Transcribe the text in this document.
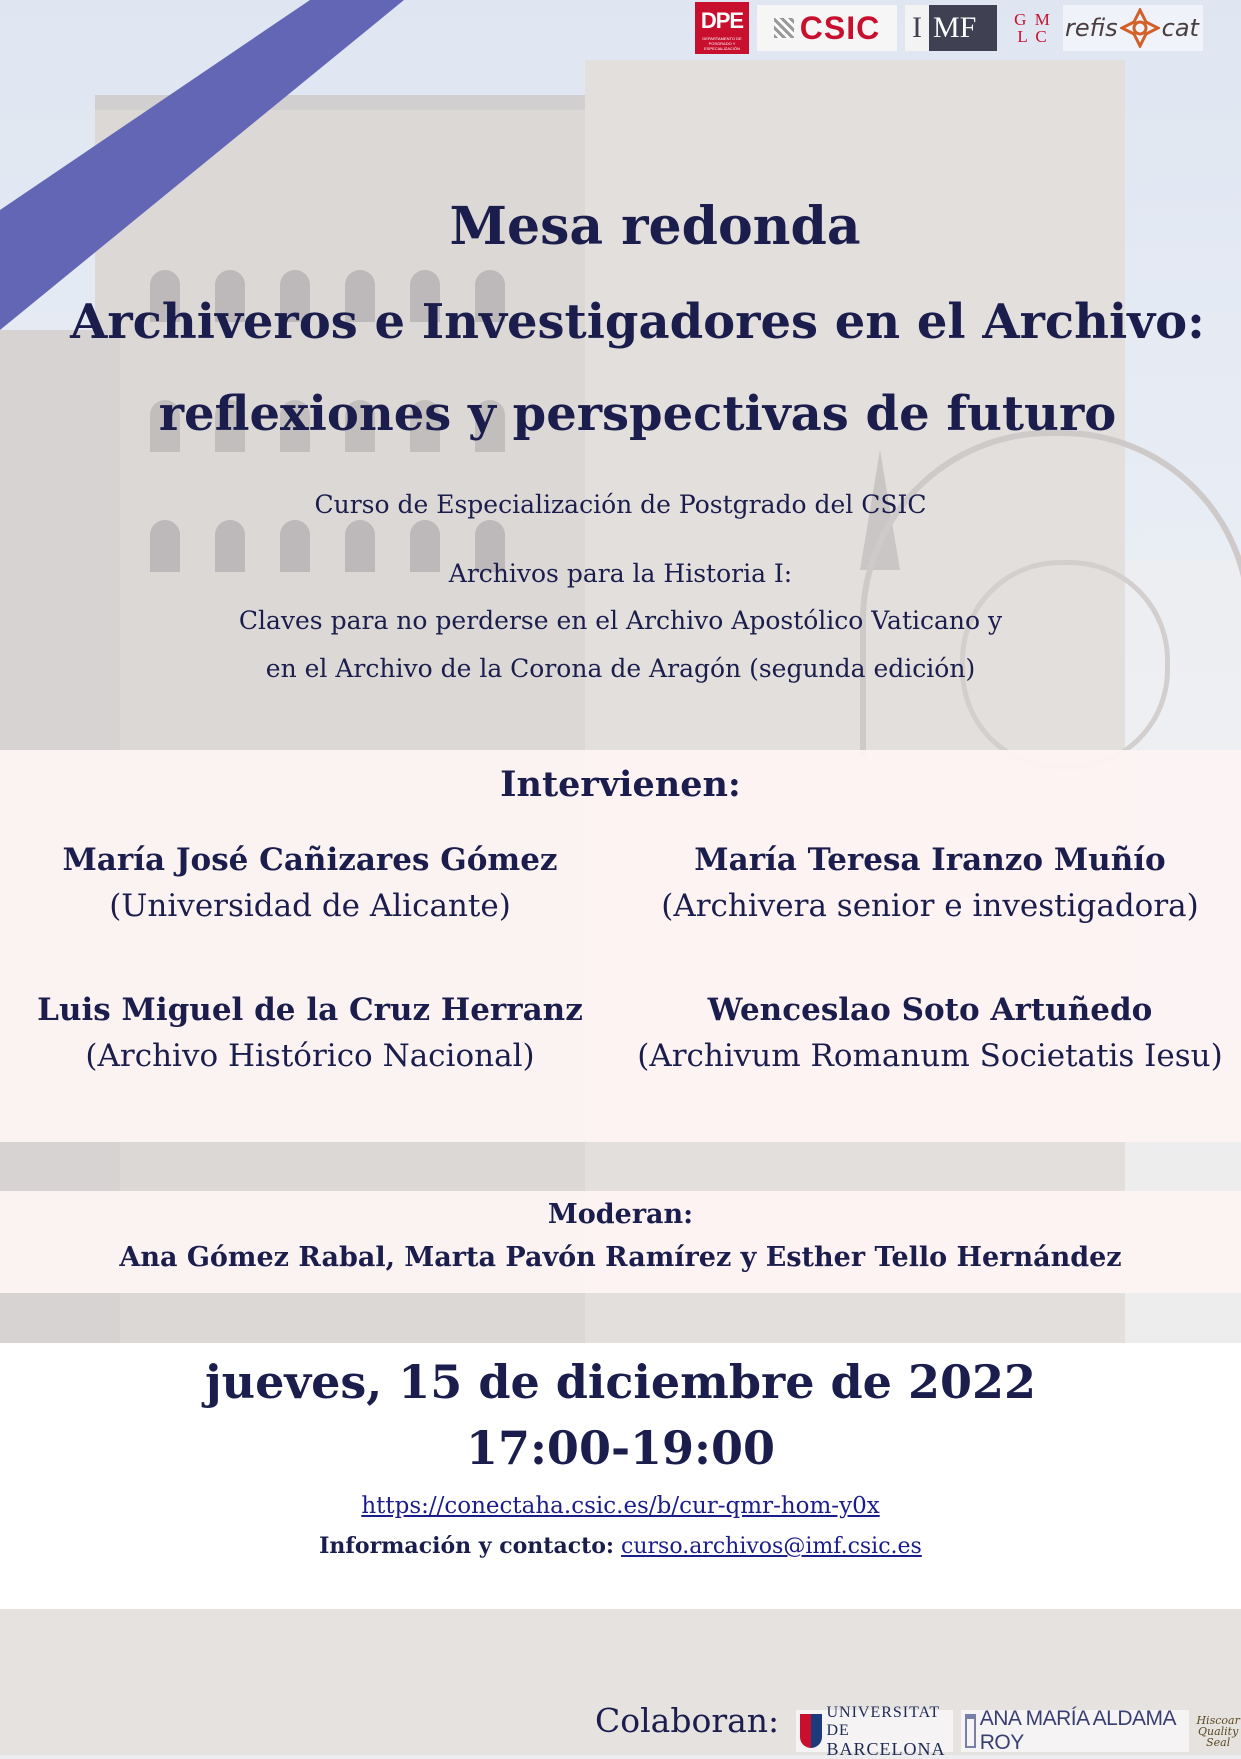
DPE
DEPARTAMENTO DE POSGRADO Y ESPECIALIZACIÓN
CSIC I MF G M
L C refis cat
Mesa redonda
Archiveros e Investigadores en el Archivo:
reflexiones y perspectivas de futuro

Curso de Especialización de Postgrado del CSIC

Archivos para la Historia I:

Claves para no perderse en el Archivo Apostólico Vaticano y

en el Archivo de la Corona de Aragón (segunda edición)

Intervienen:
María José Cañizares Gómez
(Universidad de Alicante)
María Teresa Iranzo Muñío
(Archivera senior e investigadora)
Luis Miguel de la Cruz Herranz
(Archivo Histórico Nacional)
Wenceslao Soto Artuñedo
(Archivum Romanum Societatis Iesu)
Moderan:
Ana Gómez Rabal, Marta Pavón Ramírez y Esther Tello Hernández
jueves, 15 de diciembre de 2022
17:00-19:00
https://conectaha.csic.es/b/cur-qmr-hom-y0x
Información y contacto: curso.archivos@imf.csic.es

Colaboran:	UNIVERSITAT DE
BARCELONA
ANA MARÍA ALDAMA ROY
Hiscoar Quality Seal
